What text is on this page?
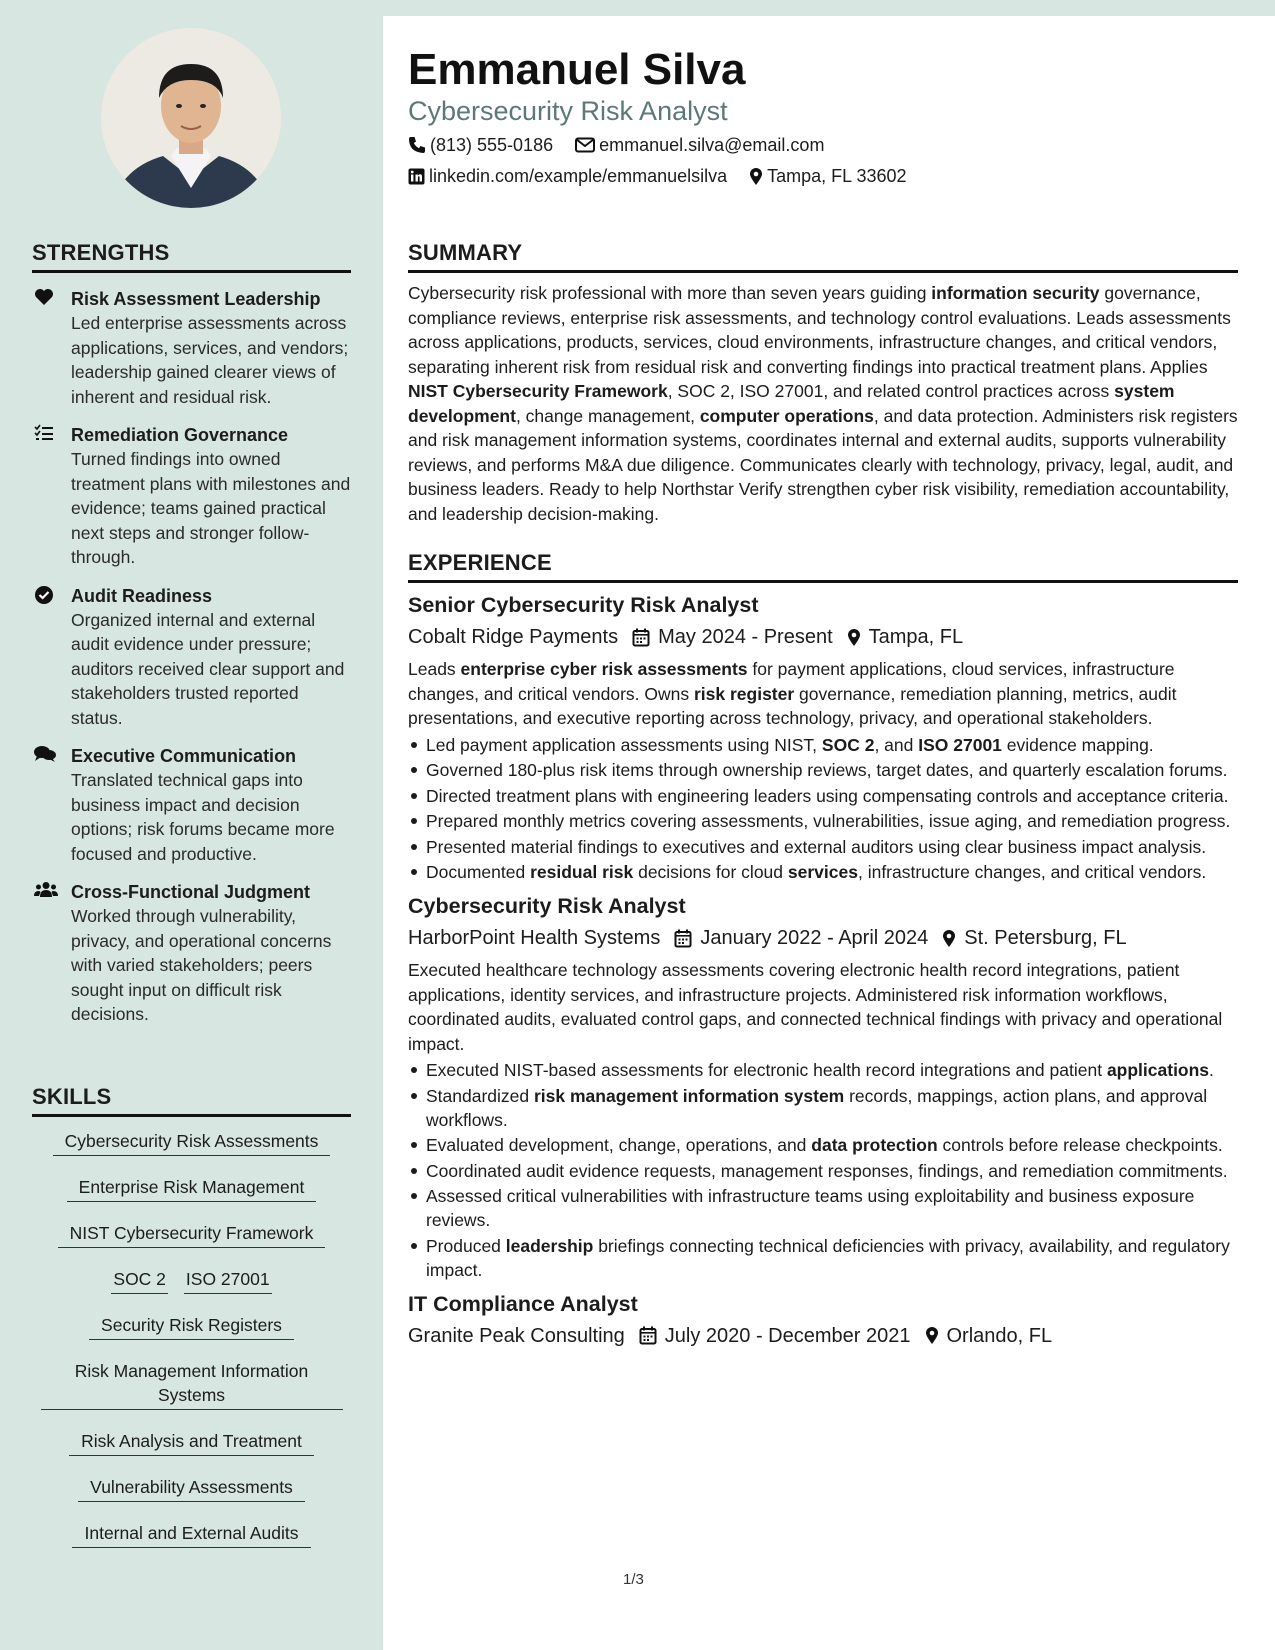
STRENGTHS
Risk Assessment Leadership
Led enterprise assessments across applications, services, and vendors; leadership gained clearer views of inherent and residual risk.
Remediation Governance
Turned findings into owned treatment plans with milestones and evidence; teams gained practical next steps and stronger follow-through.
Audit Readiness
Organized internal and external audit evidence under pressure; auditors received clear support and stakeholders trusted reported status.
Executive Communication
Translated technical gaps into business impact and decision options; risk forums became more focused and productive.
Cross-Functional Judgment
Worked through vulnerability, privacy, and operational concerns with varied stakeholders; peers sought input on difficult risk decisions.
SKILLS
Cybersecurity Risk Assessments
Enterprise Risk Management
NIST Cybersecurity Framework
SOC 2 ISO 27001
Security Risk Registers
Risk Management Information Systems
Risk Analysis and Treatment
Vulnerability Assessments
Internal and External Audits
Emmanuel Silva
Cybersecurity Risk Analyst
(813) 555-0186	emmanuel.silva@email.com
linkedin.com/example/emmanuelsilva Tampa, FL 33602
SUMMARY

Cybersecurity risk professional with more than seven years guiding information security governance, compliance reviews, enterprise risk assessments, and technology control evaluations. Leads assessments across applications, products, services, cloud environments, infrastructure changes, and critical vendors, separating inherent risk from residual risk and converting findings into practical treatment plans. Applies NIST Cybersecurity Framework, SOC 2, ISO 27001, and related control practices across system development, change management, computer operations, and data protection. Administers risk registers and risk management information systems, coordinates internal and external audits, supports vulnerability reviews, and performs M&A due diligence. Communicates clearly with technology, privacy, legal, audit, and business leaders. Ready to help Northstar Verify strengthen cyber risk visibility, remediation accountability, and leadership decision-making.

EXPERIENCE
Senior Cybersecurity Risk Analyst
Cobalt Ridge Payments May 2024 - Present Tampa, FL

Leads enterprise cyber risk assessments for payment applications, cloud services, infrastructure changes, and critical vendors. Owns risk register governance, remediation planning, metrics, audit presentations, and executive reporting across technology, privacy, and operational stakeholders.

Led payment application assessments using NIST, SOC 2, and ISO 27001 evidence mapping.
Governed 180-plus risk items through ownership reviews, target dates, and quarterly escalation forums.
Directed treatment plans with engineering leaders using compensating controls and acceptance criteria.
Prepared monthly metrics covering assessments, vulnerabilities, issue aging, and remediation progress.
Presented material findings to executives and external auditors using clear business impact analysis.
Documented residual risk decisions for cloud services, infrastructure changes, and critical vendors.
Cybersecurity Risk Analyst
HarborPoint Health Systems January 2022 - April 2024 St. Petersburg, FL

Executed healthcare technology assessments covering electronic health record integrations, patient applications, identity services, and infrastructure projects. Administered risk information workflows, coordinated audits, evaluated control gaps, and connected technical findings with privacy and operational impact.

Executed NIST-based assessments for electronic health record integrations and patient applications.
Standardized risk management information system records, mappings, action plans, and approval workflows.
Evaluated development, change, operations, and data protection controls before release checkpoints.
Coordinated audit evidence requests, management responses, findings, and remediation commitments.
Assessed critical vulnerabilities with infrastructure teams using exploitability and business exposure reviews.
Produced leadership briefings connecting technical deficiencies with privacy, availability, and regulatory impact.
IT Compliance Analyst
Granite Peak Consulting July 2020 - December 2021 Orlando, FL
1/3
